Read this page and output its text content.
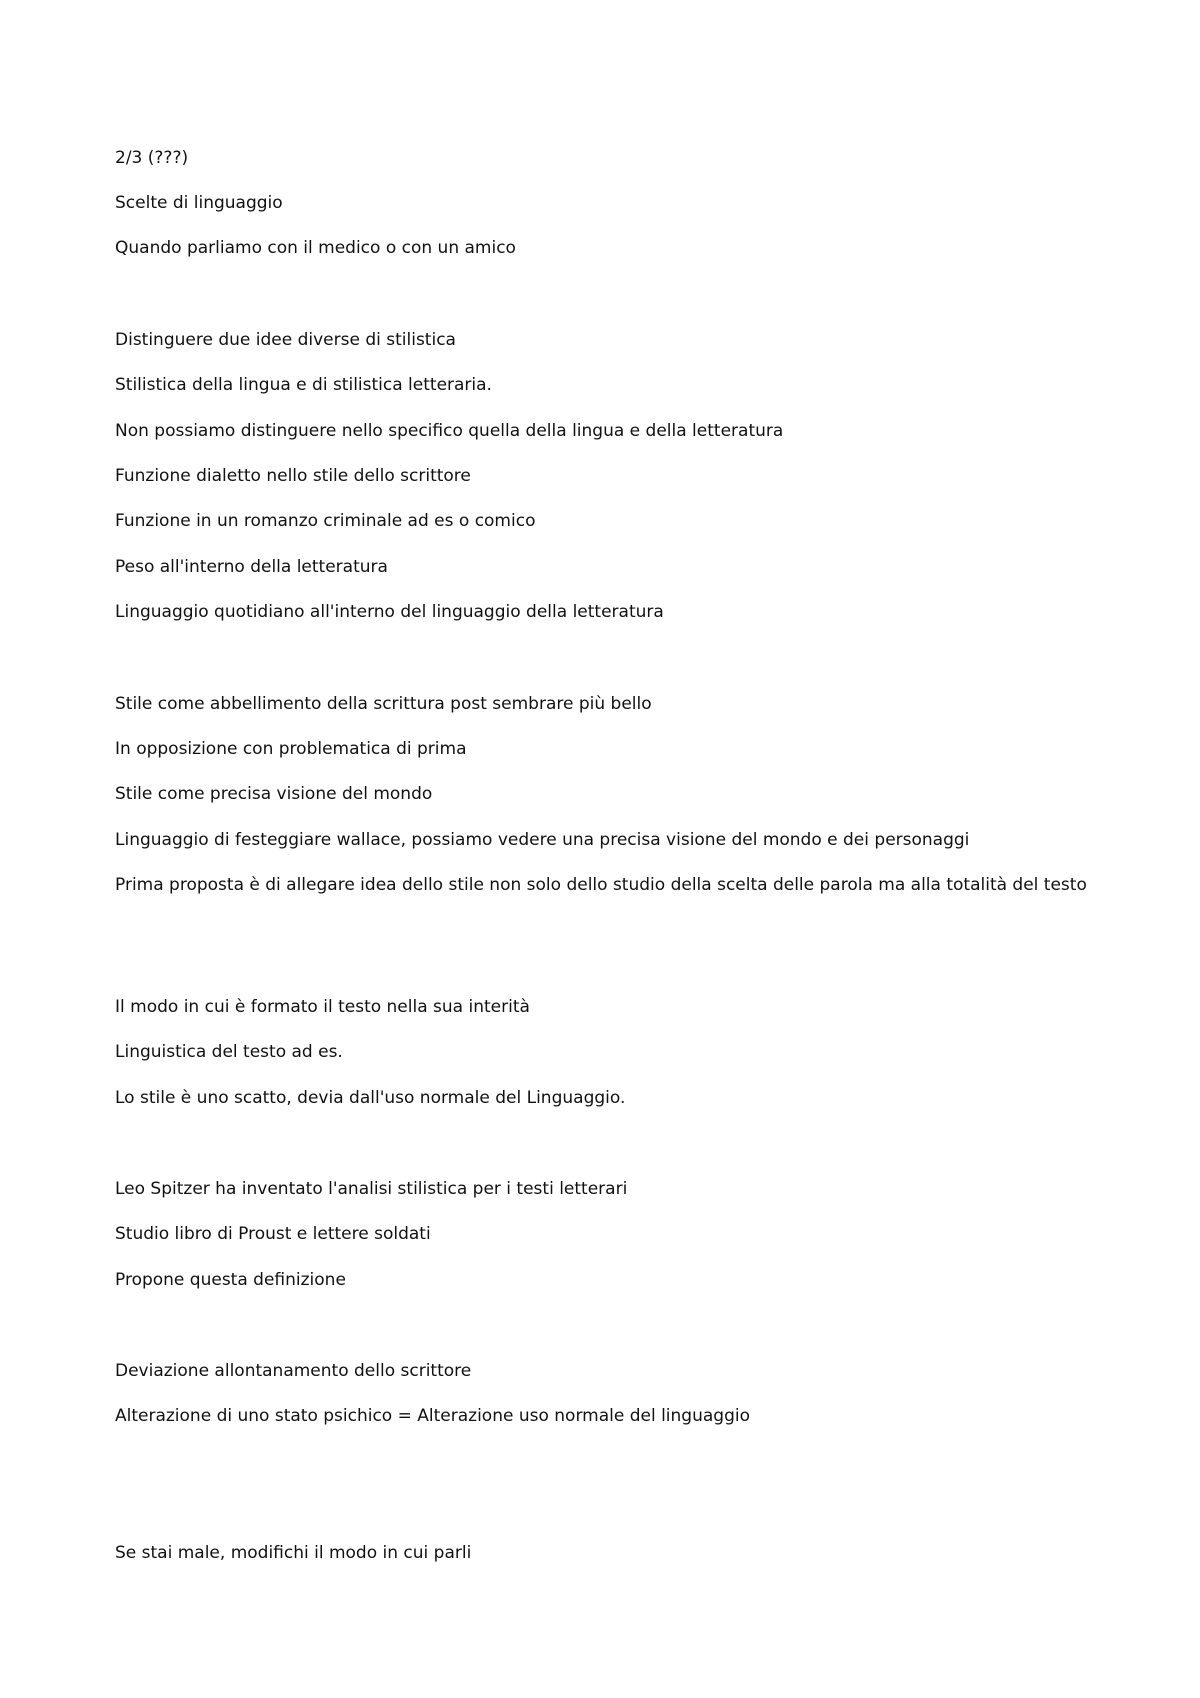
2/3 (???)
Scelte di linguaggio
Quando parliamo con il medico o con un amico
Distinguere due idee diverse di stilistica
Stilistica della lingua e di stilistica letteraria.
Non possiamo distinguere nello specifico quella della lingua e della letteratura
Funzione dialetto nello stile dello scrittore
Funzione in un romanzo criminale ad es o comico
Peso all'interno della letteratura
Linguaggio quotidiano all'interno del linguaggio della letteratura
Stile come abbellimento della scrittura post sembrare più bello
In opposizione con problematica di prima
Stile come precisa visione del mondo
Linguaggio di festeggiare wallace, possiamo vedere una precisa visione del mondo e dei personaggi
Prima proposta è di allegare idea dello stile non solo dello studio della scelta delle parola ma alla totalità del testo
Il modo in cui è formato il testo nella sua interità
Linguistica del testo ad es.
Lo stile è uno scatto, devia dall'uso normale del Linguaggio.
Leo Spitzer ha inventato l'analisi stilistica per i testi letterari
Studio libro di Proust e lettere soldati
Propone questa definizione
Deviazione allontanamento dello scrittore
Alterazione di uno stato psichico = Alterazione uso normale del linguaggio
Se stai male, modifichi il modo in cui parli
